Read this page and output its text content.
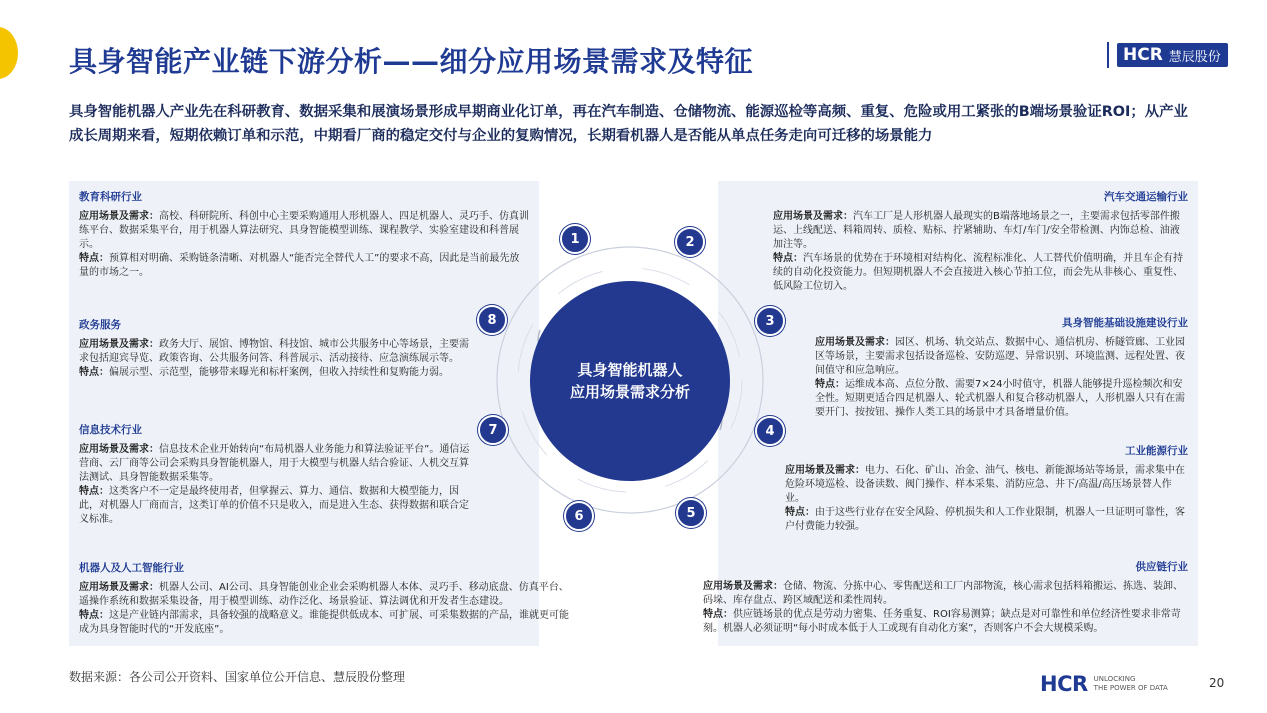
具身智能产业链下游分析——细分应用场景需求及特征	HCR 慧辰股份
具身智能机器人产业先在科研教育、数据采集和展演场景形成早期商业化订单，再在汽车制造、仓储物流、能源巡检等高频、重复、危险或用工紧张的B端场景验证ROI；从产业成长周期来看，短期依赖订单和示范，中期看厂商的稳定交付与企业的复购情况，长期看机器人是否能从单点任务走向可迁移的场景能力
教育科研行业

应用场景及需求：高校、科研院所、科创中心主要采购通用人形机器人、四足机器人、灵巧手、仿真训练平台、数据采集平台，用于机器人算法研究、具身智能模型训练、课程教学、实验室建设和科普展示。

特点：预算相对明确、采购链条清晰、对机器人“能否完全替代人工”的要求不高，因此是当前最先放量的市场之一。

政务服务

应用场景及需求：政务大厅、展馆、博物馆、科技馆、城市公共服务中心等场景，主要需求包括迎宾导览、政策咨询、公共服务问答、科普展示、活动接待、应急演练展示等。

特点：偏展示型、示范型，能够带来曝光和标杆案例，但收入持续性和复购能力弱。

信息技术行业

应用场景及需求：信息技术企业开始转向“布局机器人业务能力和算法验证平台”。通信运营商、云厂商等公司会采购具身智能机器人，用于大模型与机器人结合验证、人机交互算法测试、具身智能数据采集等。

特点：这类客户不一定是最终使用者，但掌握云、算力、通信、数据和大模型能力，因此，对机器人厂商而言，这类订单的价值不只是收入，而是进入生态、获得数据和联合定义标准。

机器人及人工智能行业

应用场景及需求：机器人公司、AI公司、具身智能创业企业会采购机器人本体、灵巧手、移动底盘、仿真平台、遥操作系统和数据采集设备，用于模型训练、动作泛化、场景验证、算法调优和开发者生态建设。

特点：这是产业链内部需求，具备较强的战略意义。谁能提供低成本、可扩展、可采集数据的产品，谁就更可能成为具身智能时代的“开发底座”。

汽车交通运输行业

应用场景及需求：汽车工厂是人形机器人最现实的B端落地场景之一，主要需求包括零部件搬运、上线配送、料箱周转、质检、贴标、拧紧辅助、车灯/车门/安全带检测、内饰总检、油液加注等。

特点：汽车场景的优势在于环境相对结构化、流程标准化、人工替代价值明确，并且车企有持续的自动化投资能力。但短期机器人不会直接进入核心节拍工位，而会先从非核心、重复性、低风险工位切入。

具身智能基础设施建设行业

应用场景及需求：园区、机场、轨交站点、数据中心、通信机房、桥隧管廊、工业园区等场景，主要需求包括设备巡检、安防巡逻、异常识别、环境监测、远程处置、夜间值守和应急响应。

特点：运维成本高、点位分散、需要7×24小时值守，机器人能够提升巡检频次和安全性。短期更适合四足机器人、轮式机器人和复合移动机器人，人形机器人只有在需要开门、按按钮、操作人类工具的场景中才具备增量价值。

工业能源行业

应用场景及需求：电力、石化、矿山、冶金、油气、核电、新能源场站等场景，需求集中在危险环境巡检、设备读数、阀门操作、样本采集、消防应急、井下/高温/高压场景替人作业。

特点：由于这些行业存在安全风险、停机损失和人工作业限制，机器人一旦证明可靠性，客户付费能力较强。

供应链行业

应用场景及需求：仓储、物流、分拣中心、零售配送和工厂内部物流，核心需求包括料箱搬运、拣选、装卸、码垛、库存盘点、跨区域配送和柔性周转。

特点：供应链场景的优点是劳动力密集、任务重复、ROI容易测算；缺点是对可靠性和单位经济性要求非常苛刻。机器人必须证明“每小时成本低于人工或现有自动化方案”，否则客户不会大规模采购。

具身智能机器人
应用场景需求分析
1	2
3
4
5
6
7
8
数据来源：各公司公开资料、国家单位公开信息、慧辰股份整理	HCR UNLOCKING
THE POWER OF DATA	20
